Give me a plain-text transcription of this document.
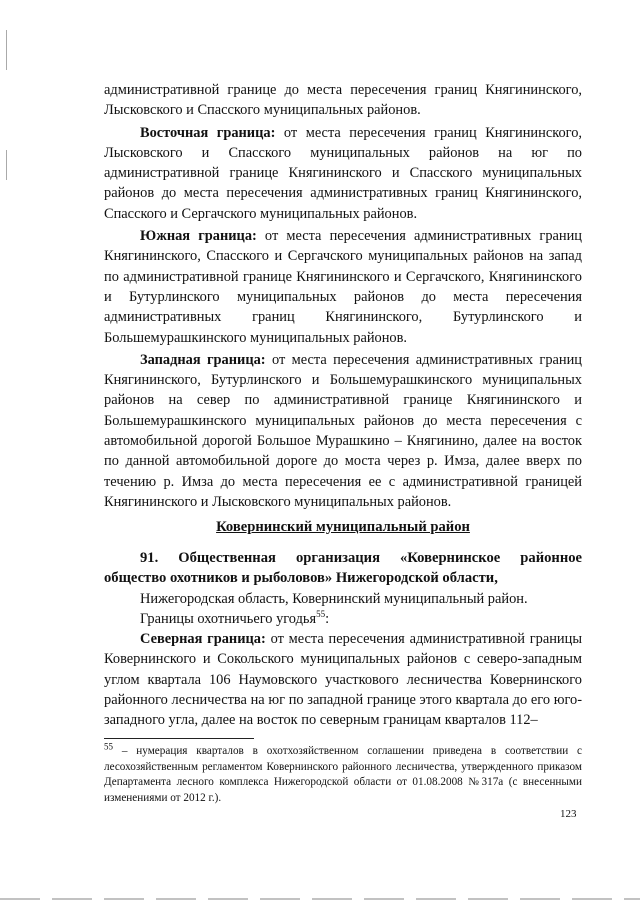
административной границе до места пересечения границ Княгининского, Лысковского и Спасского муниципальных районов.

Восточная граница: от места пересечения границ Княгининского, Лысковского и Спасского муниципальных районов на юг по административной границе Княгининского и Спасского муниципальных районов до места пересечения административных границ Княгининского, Спасского и Сергачского муниципальных районов.

Южная граница: от места пересечения административных границ Княгининского, Спасского и Сергачского муниципальных районов на запад по административной границе Княгининского и Сергачского, Княгининского и Бутурлинского муниципальных районов до места пересечения административных границ Княгининского, Бутурлинского и Большемурашкинского муниципальных районов.

Западная граница: от места пересечения административных границ Княгининского, Бутурлинского и Большемурашкинского муниципальных районов на север по административной границе Княгининского и Большемурашкинского муниципальных районов до места пересечения с автомобильной дорогой Большое Мурашкино – Княгинино, далее на восток по данной автомобильной дороге до моста через р. Имза, далее вверх по течению р. Имза до места пересечения ее с административной границей Княгининского и Лысковского муниципальных районов.

Ковернинский муниципальный район

91. Общественная организация «Ковернинское районное общество охотников и рыболовов» Нижегородской области,

Нижегородская область, Ковернинский муниципальный район.

Границы охотничьего угодья$^{55}$:

Северная граница: от места пересечения административной границы Ковернинского и Сокольского муниципальных районов с северо-западным углом квартала 106 Наумовского участкового лесничества Ковернинского районного лесничества на юг по западной границе этого квартала до его юго-западного угла, далее на восток по северным границам кварталов 112–

$^{55}$ – нумерация кварталов в охотхозяйственном соглашении приведена в соответствии с лесохозяйственным регламентом Ковернинского районного лесничества, утвержденного приказом Департамента лесного комплекса Нижегородской области от 01.08.2008 №317а (с внесенными изменениями от 2012 г.).
123
